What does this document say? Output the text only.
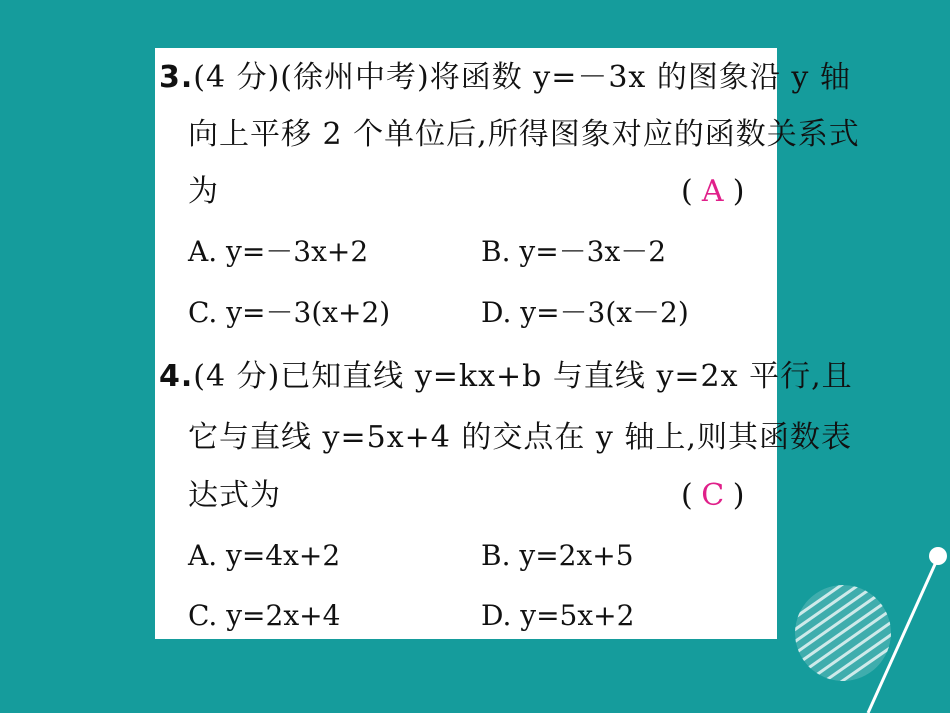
3.(4 分)(徐州中考)将函数 y=－3x 的图象沿 y 轴
向上平移 2 个单位后,所得图象对应的函数关系式
为	( A )
A. y=－3x+2	B. y=－3x－2
C. y=－3(x+2)	D. y=－3(x－2)
4.(4 分)已知直线 y=kx+b 与直线 y=2x 平行,且
它与直线 y=5x+4 的交点在 y 轴上,则其函数表
达式为	( C )
A. y=4x+2	B. y=2x+5
C. y=2x+4	D. y=5x+2
